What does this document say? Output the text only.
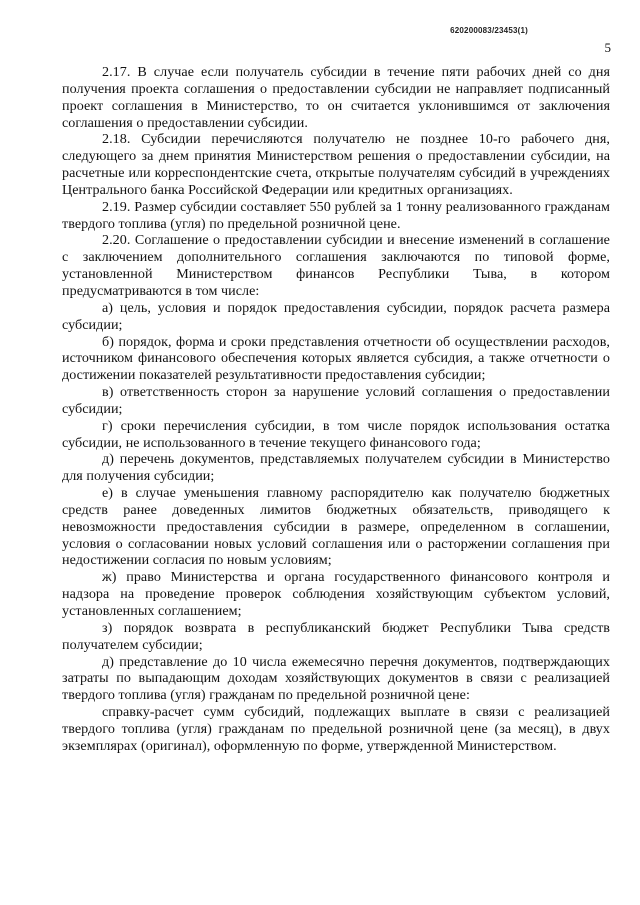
620200083/23453(1)
5

2.17. В случае если получатель субсидии в течение пяти рабочих дней со дня получения проекта соглашения о предоставлении субсидии не направляет подписанный проект соглашения в Министерство, то он считается уклонившимся от заключения соглашения о предоставлении субсидии.

2.18. Субсидии перечисляются получателю не позднее 10-го рабочего дня, следующего за днем принятия Министерством решения о предоставлении субсидии, на расчетные или корреспондентские счета, открытые получателям субсидий в учреждениях Центрального банка Российской Федерации или кредитных организациях.

2.19. Размер субсидии составляет 550 рублей за 1 тонну реализованного гражданам твердого топлива (угля) по предельной розничной цене.

2.20. Соглашение о предоставлении субсидии и внесение изменений в соглашение с заключением дополнительного соглашения заключаются по типовой форме, установленной Министерством финансов Республики Тыва, в котором предусматриваются в том числе:

а) цель, условия и порядок предоставления субсидии, порядок расчета размера субсидии;

б) порядок, форма и сроки представления отчетности об осуществлении расходов, источником финансового обеспечения которых является субсидия, а также отчетности о достижении показателей результативности предоставления субсидии;

в) ответственность сторон за нарушение условий соглашения о предоставлении субсидии;

г) сроки перечисления субсидии, в том числе порядок использования остатка субсидии, не использованного в течение текущего финансового года;

д) перечень документов, представляемых получателем субсидии в Министерство для получения субсидии;

е) в случае уменьшения главному распорядителю как получателю бюджетных средств ранее доведенных лимитов бюджетных обязательств, приводящего к невозможности предоставления субсидии в размере, определенном в соглашении, условия о согласовании новых условий соглашения или о расторжении соглашения при недостижении согласия по новым условиям;

ж) право Министерства и органа государственного финансового контроля и надзора на проведение проверок соблюдения хозяйствующим субъектом условий, установленных соглашением;

з) порядок возврата в республиканский бюджет Республики Тыва средств получателем субсидии;

д) представление до 10 числа ежемесячно перечня документов, подтверждающих затраты по выпадающим доходам хозяйствующих документов в связи с реализацией твердого топлива (угля) гражданам по предельной розничной цене:

справку-расчет сумм субсидий, подлежащих выплате в связи с реализацией твердого топлива (угля) гражданам по предельной розничной цене (за месяц), в двух экземплярах (оригинал), оформленную по форме, утвержденной Министерством.
